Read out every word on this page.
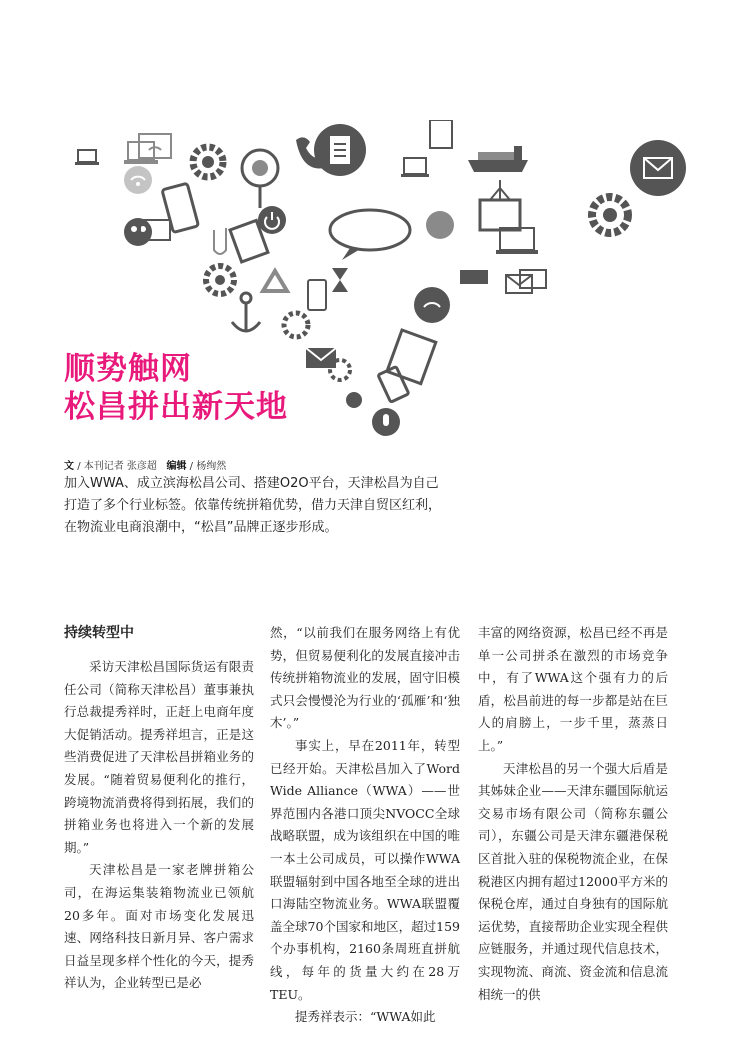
顺势触网
松昌拼出新天地
文 / 本刊记者 张彦超 编辑 / 杨绚然

加入WWA、成立滨海松昌公司、搭建O2O平台，天津松昌为自己

打造了多个行业标签。依靠传统拼箱优势，借力天津自贸区红利，

在物流业电商浪潮中，“松昌”品牌正逐步形成。

持续转型中

采访天津松昌国际货运有限责任公司（简称天津松昌）董事兼执行总裁提秀祥时，正赶上电商年度大促销活动。提秀祥坦言，正是这些消费促进了天津松昌拼箱业务的发展。“随着贸易便利化的推行，跨境物流消费将得到拓展，我们的拼箱业务也将进入一个新的发展期。”

天津松昌是一家老牌拼箱公司，在海运集装箱物流业已领航20多年。面对市场变化发展迅速、网络科技日新月异、客户需求日益呈现多样个性化的今天，提秀祥认为，企业转型已是必

然，“以前我们在服务网络上有优势，但贸易便利化的发展直接冲击传统拼箱物流业的发展，固守旧模式只会慢慢沦为行业的‘孤雁’和‘独木’。”

事实上，早在2011年，转型已经开始。天津松昌加入了Word Wide Alliance（WWA）——世界范围内各港口顶尖NVOCC全球战略联盟，成为该组织在中国的唯一本土公司成员，可以操作WWA联盟辐射到中国各地至全球的进出口海陆空物流业务。WWA联盟覆盖全球70个国家和地区，超过159个办事机构，2160条周班直拼航线，每年的货量大约在28万TEU。

提秀祥表示：“WWA如此

丰富的网络资源，松昌已经不再是单一公司拼杀在激烈的市场竞争中，有了WWA这个强有力的后盾，松昌前进的每一步都是站在巨人的肩膀上，一步千里，蒸蒸日上。”

天津松昌的另一个强大后盾是其姊妹企业——天津东疆国际航运交易市场有限公司（简称东疆公司），东疆公司是天津东疆港保税区首批入驻的保税物流企业，在保税港区内拥有超过12000平方米的保税仓库，通过自身独有的国际航运优势，直接帮助企业实现全程供应链服务，并通过现代信息技术，实现物流、商流、资金流和信息流相统一的供
